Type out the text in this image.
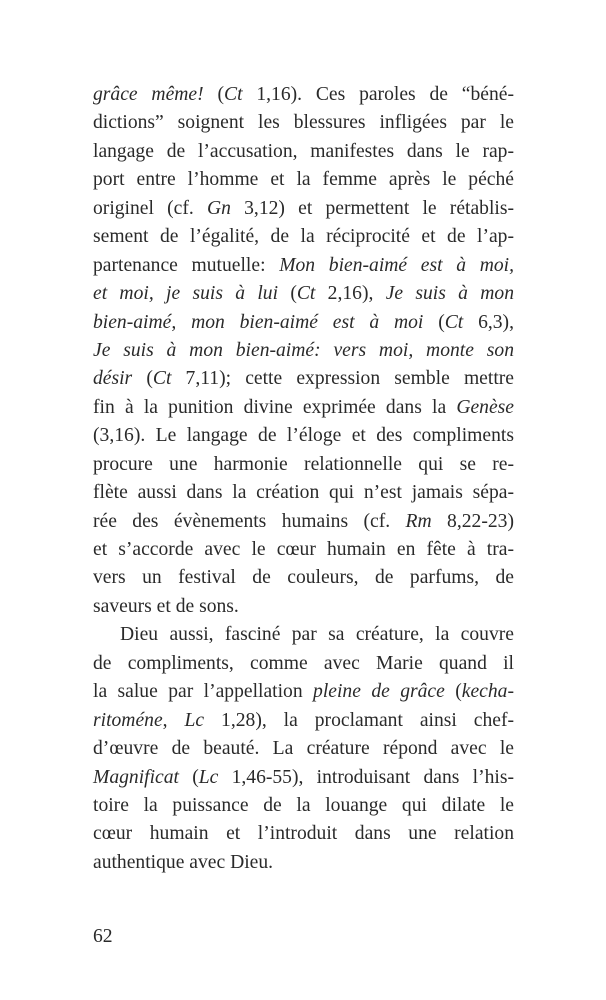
grâce même! (Ct 1,16). Ces paroles de “béné-
dictions” soignent les blessures infligées par le
langage de l’accusation, manifestes dans le rap-
port entre l’homme et la femme après le péché
originel (cf. Gn 3,12) et permettent le rétablis-
sement de l’égalité, de la réciprocité et de l’ap-
partenance mutuelle: Mon bien-aimé est à moi,
et moi, je suis à lui (Ct 2,16), Je suis à mon
bien-aimé, mon bien-aimé est à moi (Ct 6,3),
Je suis à mon bien-aimé: vers moi, monte son
désir (Ct 7,11); cette expression semble mettre
fin à la punition divine exprimée dans la Genèse
(3,16). Le langage de l’éloge et des compliments
procure une harmonie relationnelle qui se re-
flète aussi dans la création qui n’est jamais sépa-
rée des évènements humains (cf. Rm 8,22-23)
et s’accorde avec le cœur humain en fête à tra-
vers un festival de couleurs, de parfums, de
saveurs et de sons.
Dieu aussi, fasciné par sa créature, la couvre
de compliments, comme avec Marie quand il
la salue par l’appellation pleine de grâce (kecha-
ritoméne, Lc 1,28), la proclamant ainsi chef-
d’œuvre de beauté. La créature répond avec le
Magnificat (Lc 1,46-55), introduisant dans l’his-
toire la puissance de la louange qui dilate le
cœur humain et l’introduit dans une relation
authentique avec Dieu.
62
